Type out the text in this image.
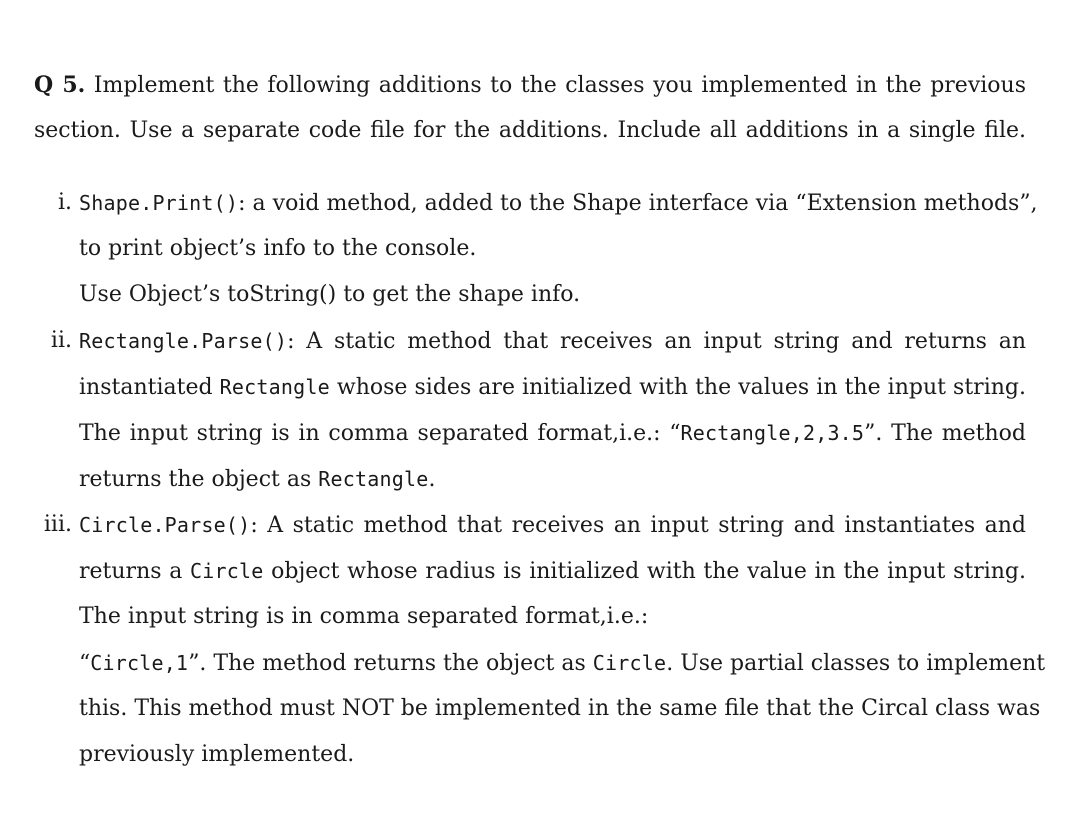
Q 5. Implement the following additions to the classes you implemented in the previous
section. Use a separate code file for the additions. Include all additions in a single file.
i. Shape.Print(): a void method, added to the Shape interface via “Extension methods”,
to print object’s info to the console.
Use Object’s toString() to get the shape info.
ii. Rectangle.Parse(): A static method that receives an input string and returns an
instantiated Rectangle whose sides are initialized with the values in the input string.
The input string is in comma separated format,i.e.: “Rectangle,2,3.5”. The method
returns the object as Rectangle.
iii. Circle.Parse(): A static method that receives an input string and instantiates and
returns a Circle object whose radius is initialized with the value in the input string.
The input string is in comma separated format,i.e.:
“Circle,1”. The method returns the object as Circle. Use partial classes to implement
this. This method must NOT be implemented in the same file that the Circal class was
previously implemented.
